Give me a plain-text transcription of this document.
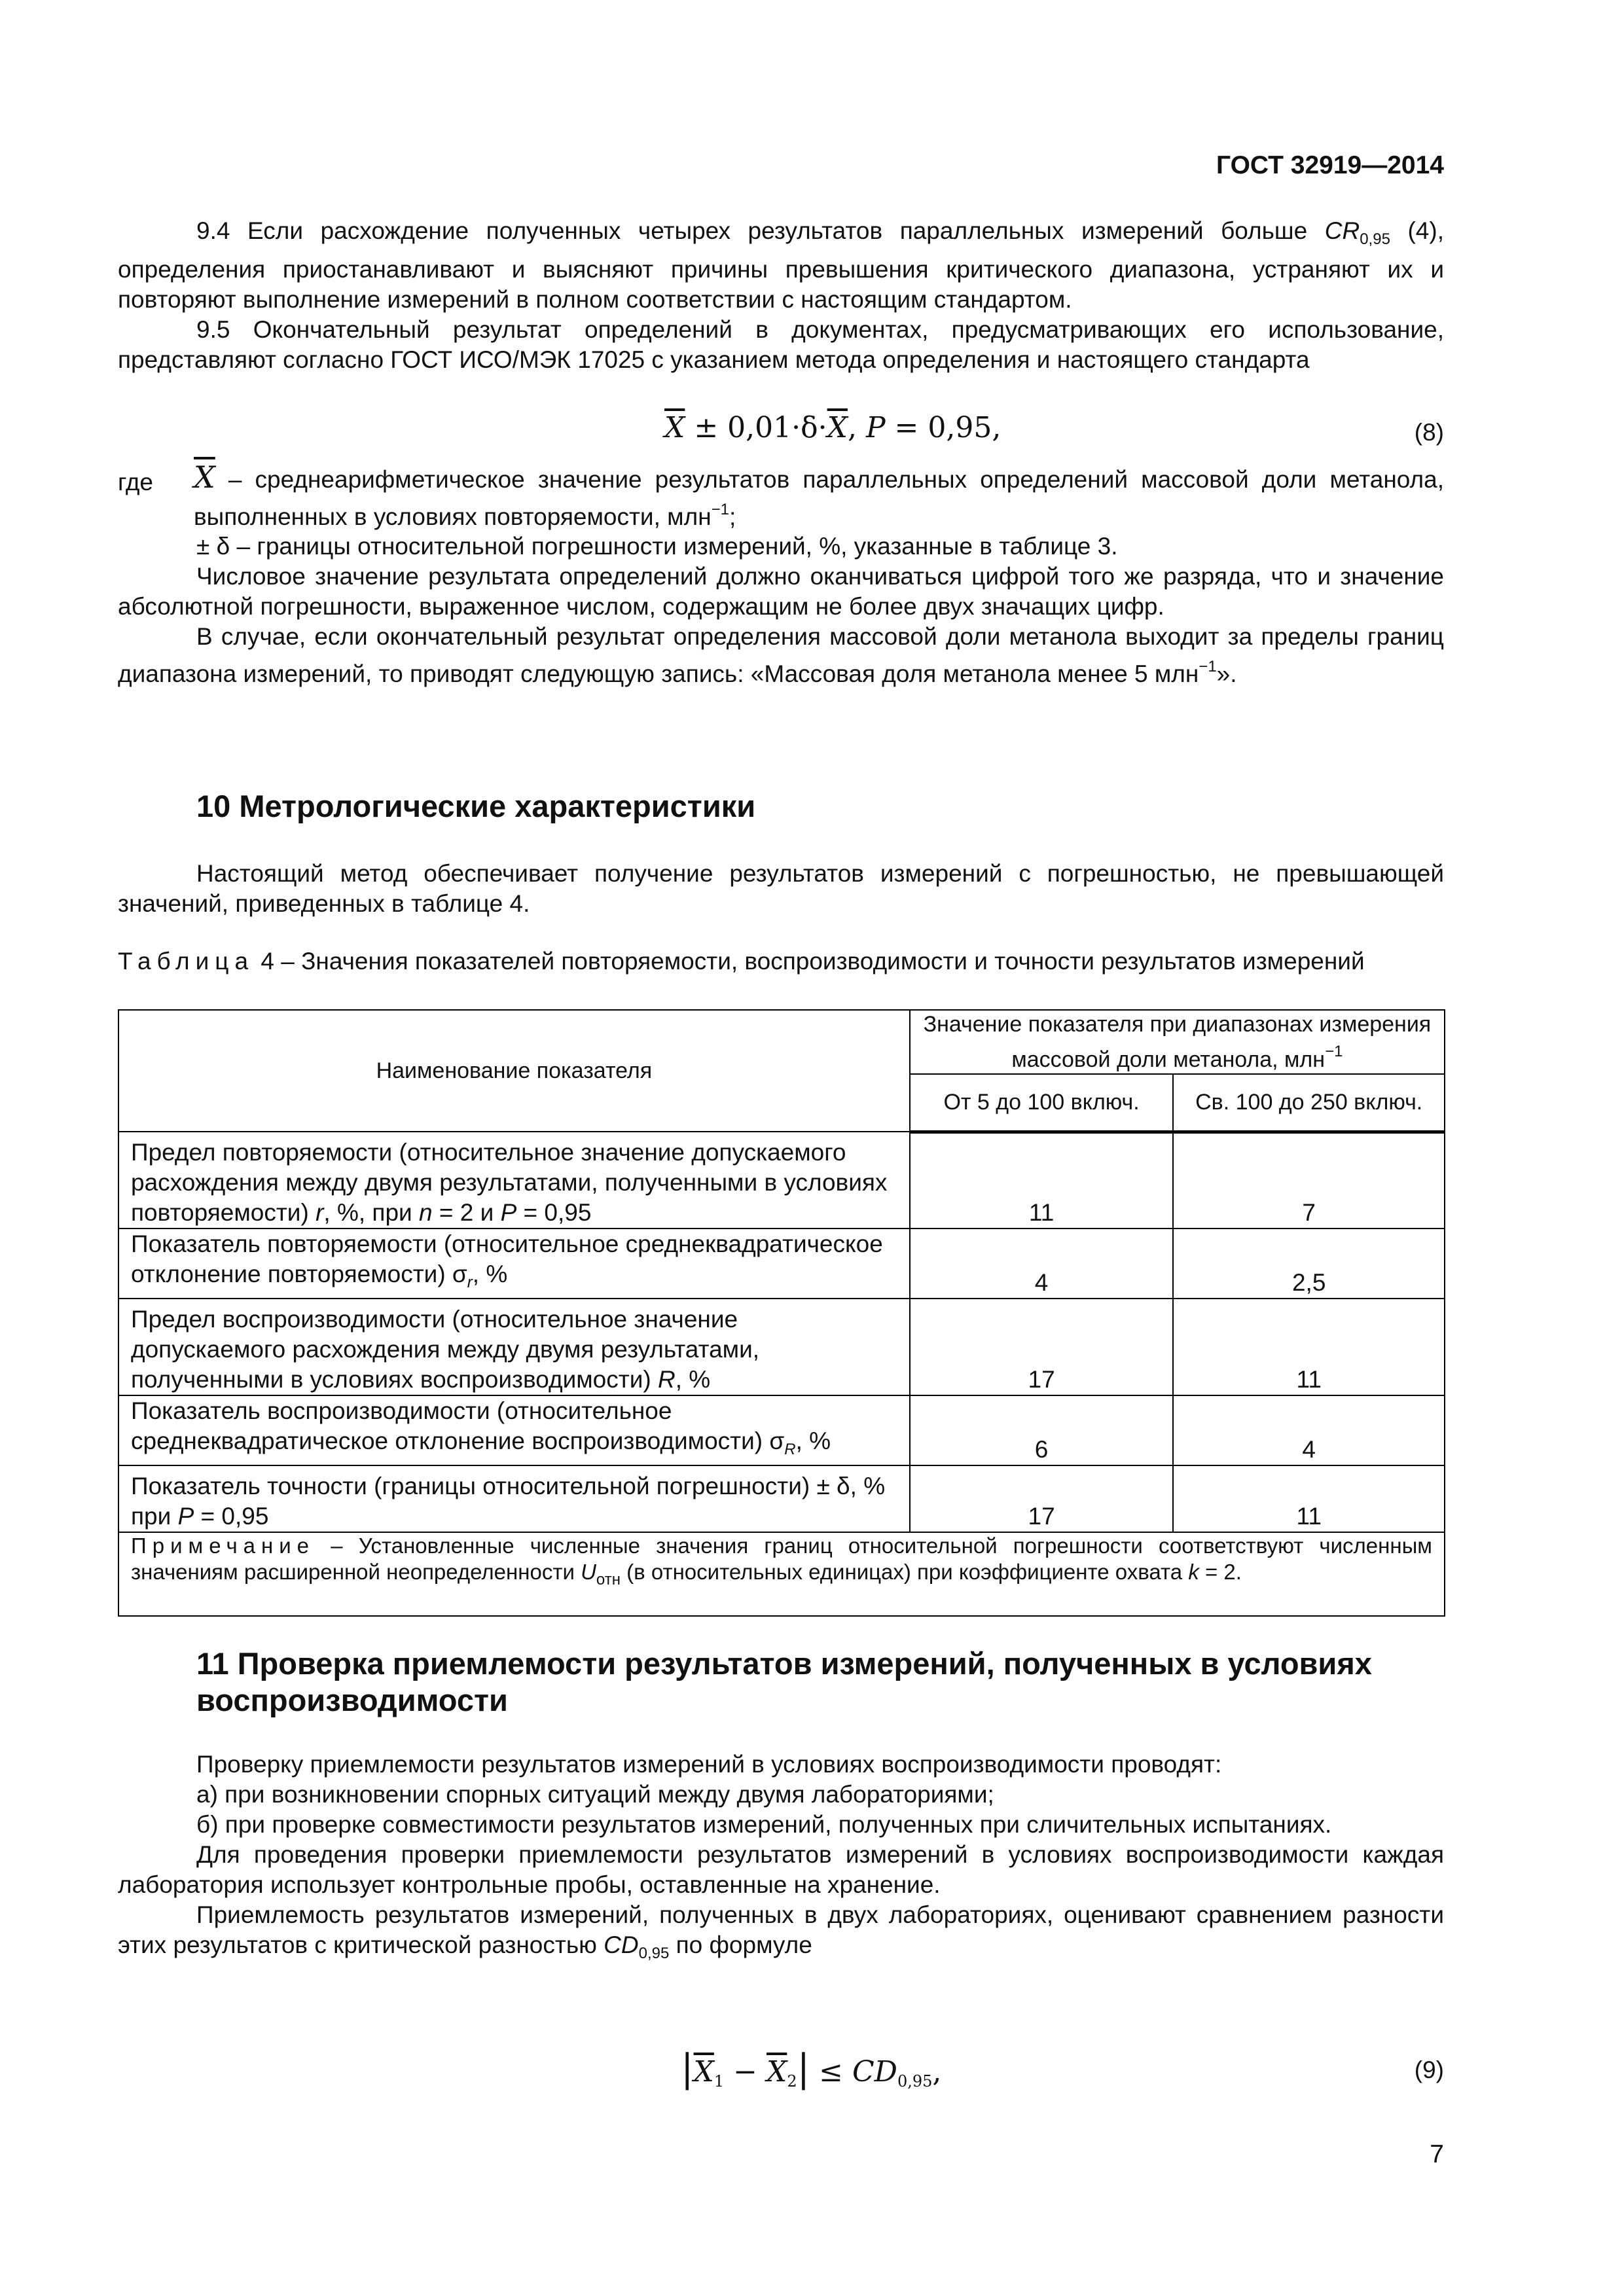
ГОСТ 32919—2014

9.4 Если расхождение полученных четырех результатов параллельных измерений больше $CR_{0,95}$ (4), определения приостанавливают и выясняют причины превышения критического диапазона, устраняют их и повторяют выполнение измерений в полном соответствии с настоящим стандартом.

9.5 Окончательный результат определений в документах, предусматривающих его использование, представляют согласно ГОСТ ИСО/МЭК 17025 с указанием метода определения и настоящего стандарта

$\overline{X} \pm 0,01\cdot\delta\cdot\overline{X}$, P = 0,95,	(8)
где $\overline{X}$ – среднеарифметическое значение результатов параллельных определений массовой доли метанола, выполненных в условиях повторяемости, млн$^{-1}$;

± δ – границы относительной погрешности измерений, %, указанные в таблице 3.

Числовое значение результата определений должно оканчиваться цифрой того же разряда, что и значение абсолютной погрешности, выраженное числом, содержащим не более двух значащих цифр.

В случае, если окончательный результат определения массовой доли метанола выходит за пределы границ диапазона измерений, то приводят следующую запись: «Массовая доля метанола менее 5 млн$^{-1}$».

10 Метрологические характеристики

Настоящий метод обеспечивает получение результатов измерений с погрешностью, не превышающей значений, приведенных в таблице 4.

Таблица 4 – Значения показателей повторяемости, воспроизводимости и точности результатов измерений

Наименование показателя	Значение показателя при диапазонах измерения массовой доли метанола, млн$^{-1}$
	От 5 до 100 включ.	Св. 100 до 250 включ.
Предел повторяемости (относительное значение допускаемого расхождения между двумя результатами, полученными в условиях повторяемости) r, %, при n = 2 и P = 0,95	11	7
Показатель повторяемости (относительное среднеквадратическое отклонение повторяемости) $\sigma_r$, %	4	2,5
Предел воспроизводимости (относительное значение допускаемого расхождения между двумя результатами, полученными в условиях воспроизводимости) R, %	17	11
Показатель воспроизводимости (относительное среднеквадратическое отклонение воспроизводимости) $\sigma_R$, %	6	4
Показатель точности (границы относительной погрешности) ± δ, % при P = 0,95	17	11
Примечание – Установленные численные значения границ относительной погрешности соответствуют численным значениям расширенной неопределенности $U_{отн}$ (в относительных единицах) при коэффициенте охвата k = 2.		
11 Проверка приемлемости результатов измерений, полученных в условиях воспроизводимости

Проверку приемлемости результатов измерений в условиях воспроизводимости проводят:

а) при возникновении спорных ситуаций между двумя лабораториями;

б) при проверке совместимости результатов измерений, полученных при сличительных испытаниях.

Для проведения проверки приемлемости результатов измерений в условиях воспроизводимости каждая лаборатория использует контрольные пробы, оставленные на хранение.

Приемлемость результатов измерений, полученных в двух лабораториях, оценивают сравнением разности этих результатов с критической разностью $CD_{0,95}$ по формуле

$|\overline{X}_1 - \overline{X}_2| \le CD_{0,95}$,	(9)
7
